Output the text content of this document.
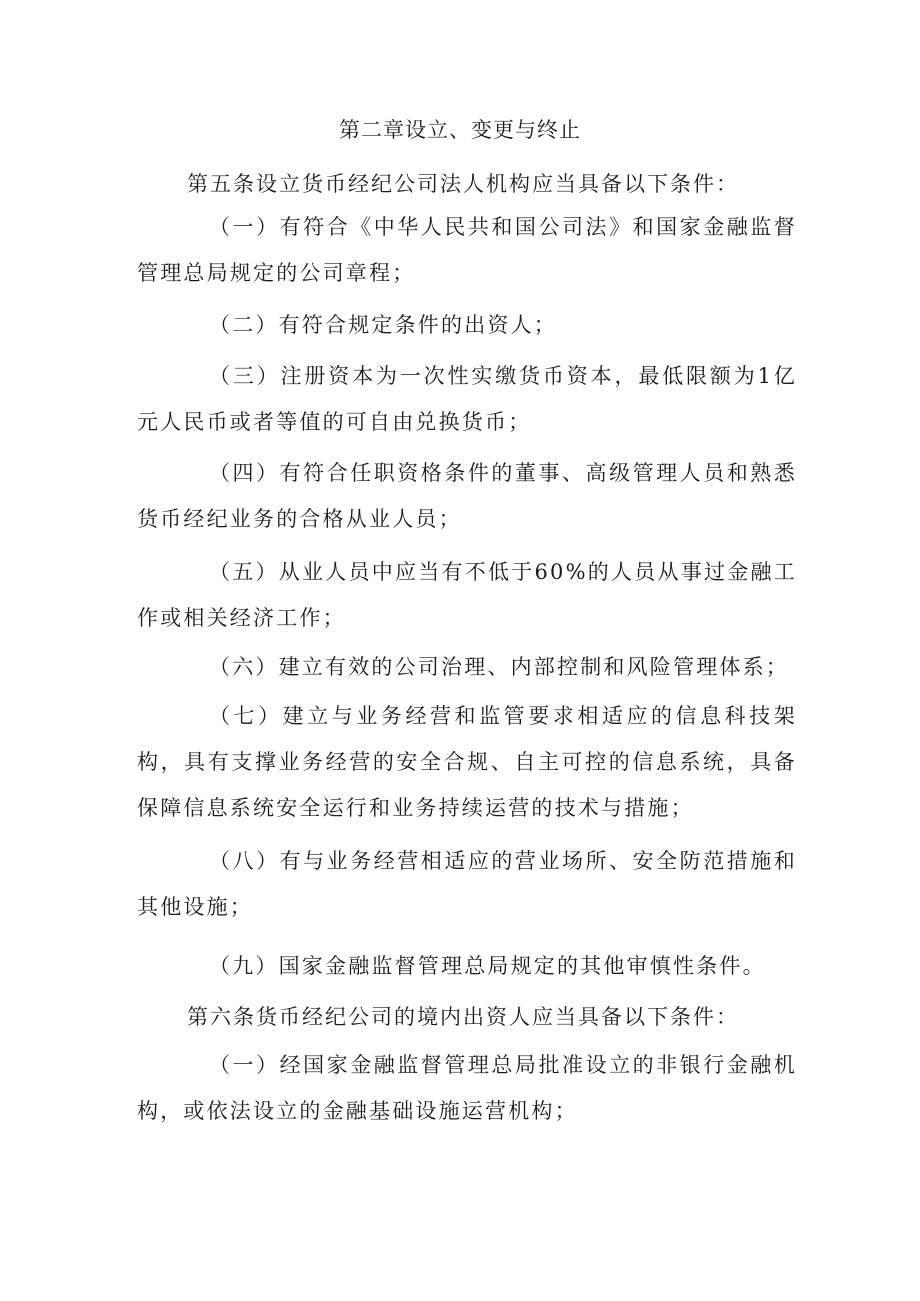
第二章设立、变更与终止

第五条设立货币经纪公司法人机构应当具备以下条件：

（一）有符合《中华人民共和国公司法》和国家金融监督管理总局规定的公司章程；

（二）有符合规定条件的出资人；

（三）注册资本为一次性实缴货币资本，最低限额为1亿元人民币或者等值的可自由兑换货币；

（四）有符合任职资格条件的董事、高级管理人员和熟悉货币经纪业务的合格从业人员；

（五）从业人员中应当有不低于60%的人员从事过金融工作或相关经济工作；

（六）建立有效的公司治理、内部控制和风险管理体系；

（七）建立与业务经营和监管要求相适应的信息科技架构，具有支撑业务经营的安全合规、自主可控的信息系统，具备保障信息系统安全运行和业务持续运营的技术与措施；

（八）有与业务经营相适应的营业场所、安全防范措施和其他设施；

（九）国家金融监督管理总局规定的其他审慎性条件。

第六条货币经纪公司的境内出资人应当具备以下条件：

（一）经国家金融监督管理总局批准设立的非银行金融机构，或依法设立的金融基础设施运营机构；
